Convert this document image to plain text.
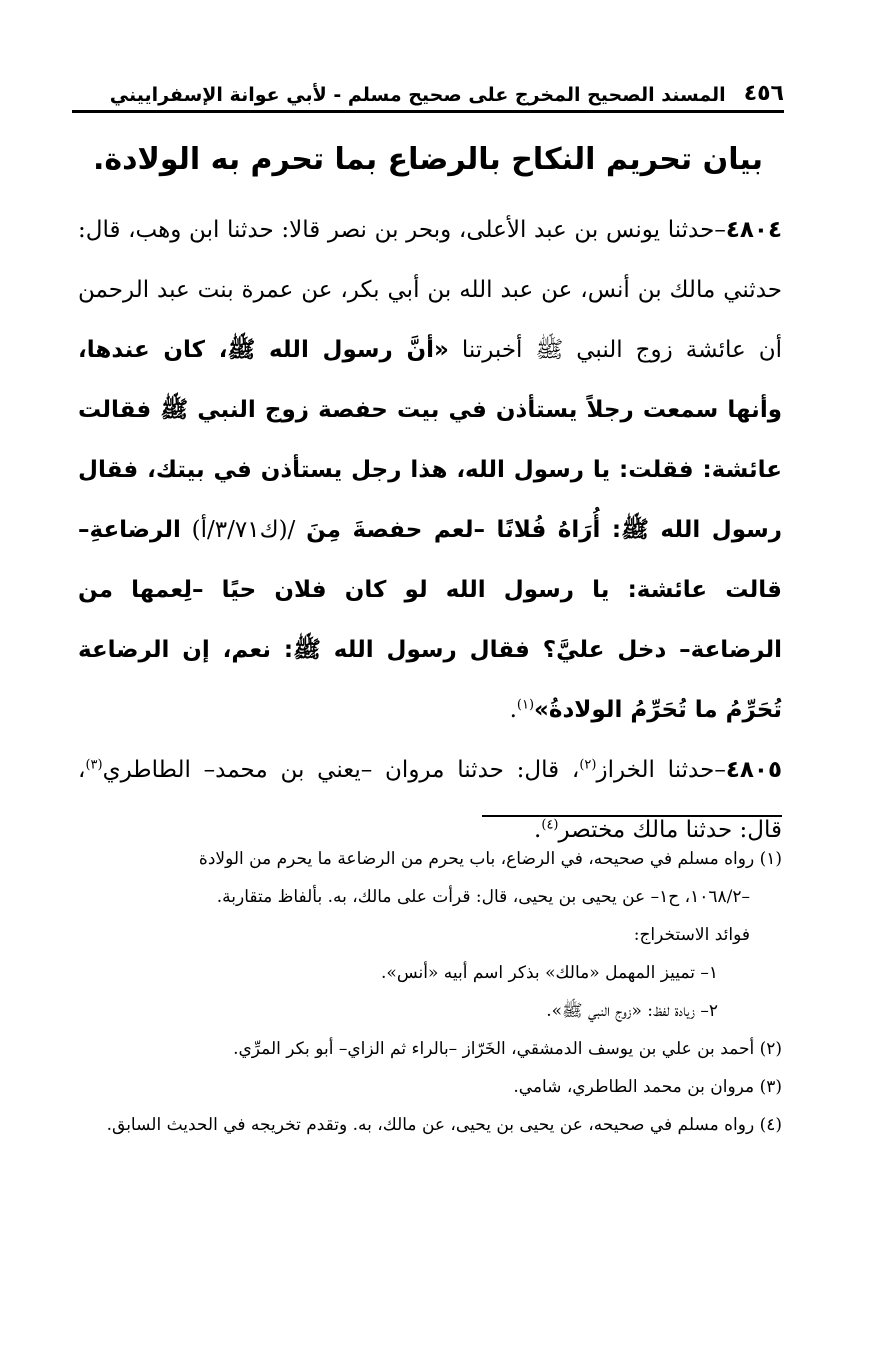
٤٥٦
المسند الصحيح المخرج على صحيح مسلم - لأبي عوانة الإسفراييني
بيان تحريم النكاح بالرضاع بما تحرم به الولادة.

٤٨٠٤–حدثنا يونس بن عبد الأعلى، وبحر بن نصر قالا: حدثنا ابن وهب، قال: حدثني مالك بن أنس، عن عبد الله بن أبي بكر، عن عمرة بنت عبد الرحمن أن عائشة زوج النبي ﷺ أخبرتنا «أنَّ رسول الله ﷺ، كان عندها، وأنها سمعت رجلاً يستأذن في بيت حفصة زوج النبي ﷺ فقالت عائشة: فقلت: يا رسول الله، هذا رجل يستأذن في بيتك، فقال رسول الله ﷺ: أُرَاهُ فُلانًا –لعم حفصةَ مِنَ /(ك٣/٧١/أ) الرضاعةِ– قالت عائشة: يا رسول الله لو كان فلان حيًا –لِعمها من الرضاعة– دخل عليَّ؟ فقال رسول الله ﷺ: نعم، إن الرضاعة تُحَرِّمُ ما تُحَرِّمُ الولادةُ»$^{(١)}$.

٤٨٠٥–حدثنا الخراز$^{(٢)}$، قال: حدثنا مروان –يعني بن محمد– الطاطري$^{(٣)}$، قال: حدثنا مالك مختصر$^{(٤)}$.

(١) رواه مسلم في صحيحه، في الرضاع، باب يحرم من الرضاعة ما يحرم من الولادة

–١٠٦٨/٢، ح١– عن يحيى بن يحيى، قال: قرأت على مالك، به. بألفاظ متقاربة.

فوائد الاستخراج:

١– تمييز المهمل «مالك» بذكر اسم أبيه «أنس».

٢– زيادة لفظ: «زوج النبي ﷺ».

(٢) أحمد بن علي بن يوسف الدمشقي، الخَرّاز –بالراء ثم الزاي– أبو بكر المرِّي.

(٣) مروان بن محمد الطاطري، شامي.

(٤) رواه مسلم في صحيحه، عن يحيى بن يحيى، عن مالك، به. وتقدم تخريجه في الحديث السابق.
